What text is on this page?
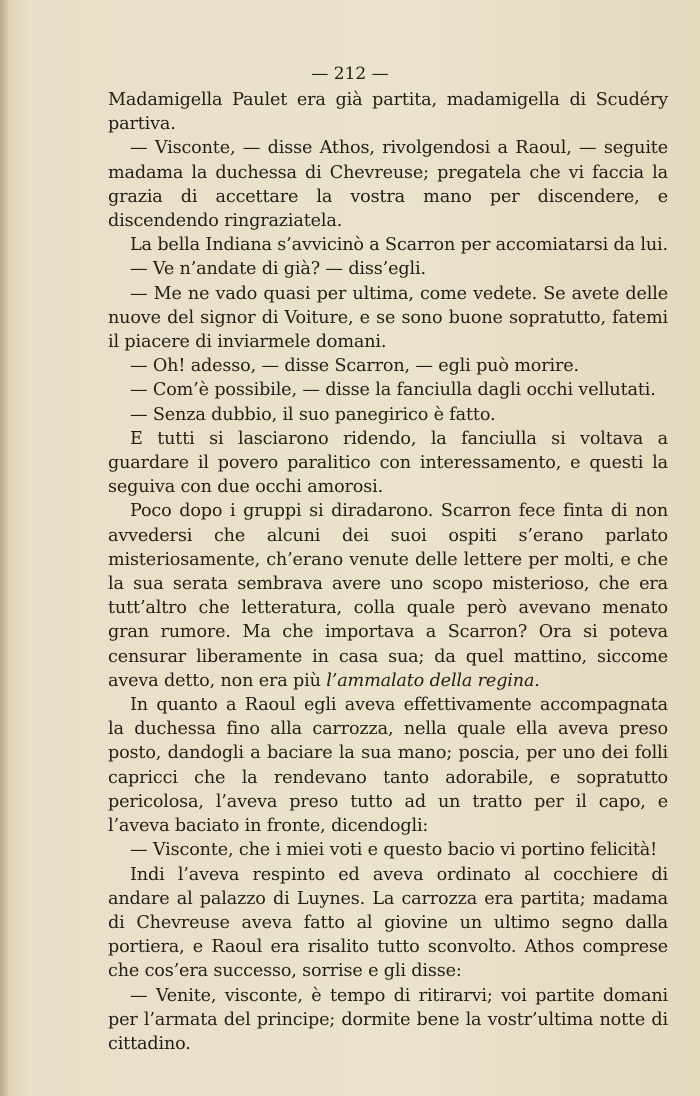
— 212 —

Madamigella Paulet era già partita, madamigella di Scudéry partiva.

— Visconte, — disse Athos, rivolgendosi a Raoul, — seguite madama la duchessa di Chevreuse; pregatela che vi faccia la grazia di accettare la vostra mano per discendere, e discendendo ringraziatela.

La bella Indiana s’avvicinò a Scarron per accomiatarsi da lui.

— Ve n’andate di già? — diss’egli.

— Me ne vado quasi per ultima, come vedete. Se avete delle nuove del signor di Voiture, e se sono buone sopratutto, fatemi il piacere di inviarmele domani.

— Oh! adesso, — disse Scarron, — egli può morire.

— Com’è possibile, — disse la fanciulla dagli occhi vellutati.

— Senza dubbio, il suo panegirico è fatto.

E tutti si lasciarono ridendo, la fanciulla si voltava a guardare il povero paralitico con interessamento, e questi la seguiva con due occhi amorosi.

Poco dopo i gruppi si diradarono. Scarron fece finta di non avvedersi che alcuni dei suoi ospiti s’erano parlato misteriosamente, ch’erano venute delle lettere per molti, e che la sua serata sembrava avere uno scopo misterioso, che era tutt’altro che letteratura, colla quale però avevano menato gran rumore. Ma che importava a Scarron? Ora si poteva censurar liberamente in casa sua; da quel mattino, siccome aveva detto, non era più l’ammalato della regina.

In quanto a Raoul egli aveva effettivamente accompagnata la duchessa fino alla carrozza, nella quale ella aveva preso posto, dandogli a baciare la sua mano; poscia, per uno dei folli capricci che la rendevano tanto adorabile, e sopratutto pericolosa, l’aveva preso tutto ad un tratto per il capo, e l’aveva baciato in fronte, dicendogli:

— Visconte, che i miei voti e questo bacio vi portino felicità!

Indi l’aveva respinto ed aveva ordinato al cocchiere di andare al palazzo di Luynes. La carrozza era partita; madama di Chevreuse aveva fatto al giovine un ultimo segno dalla portiera, e Raoul era risalito tutto sconvolto. Athos comprese che cos’era successo, sorrise e gli disse:

— Venite, visconte, è tempo di ritirarvi; voi partite domani per l’armata del principe; dormite bene la vostr’ultima notte di cittadino.
